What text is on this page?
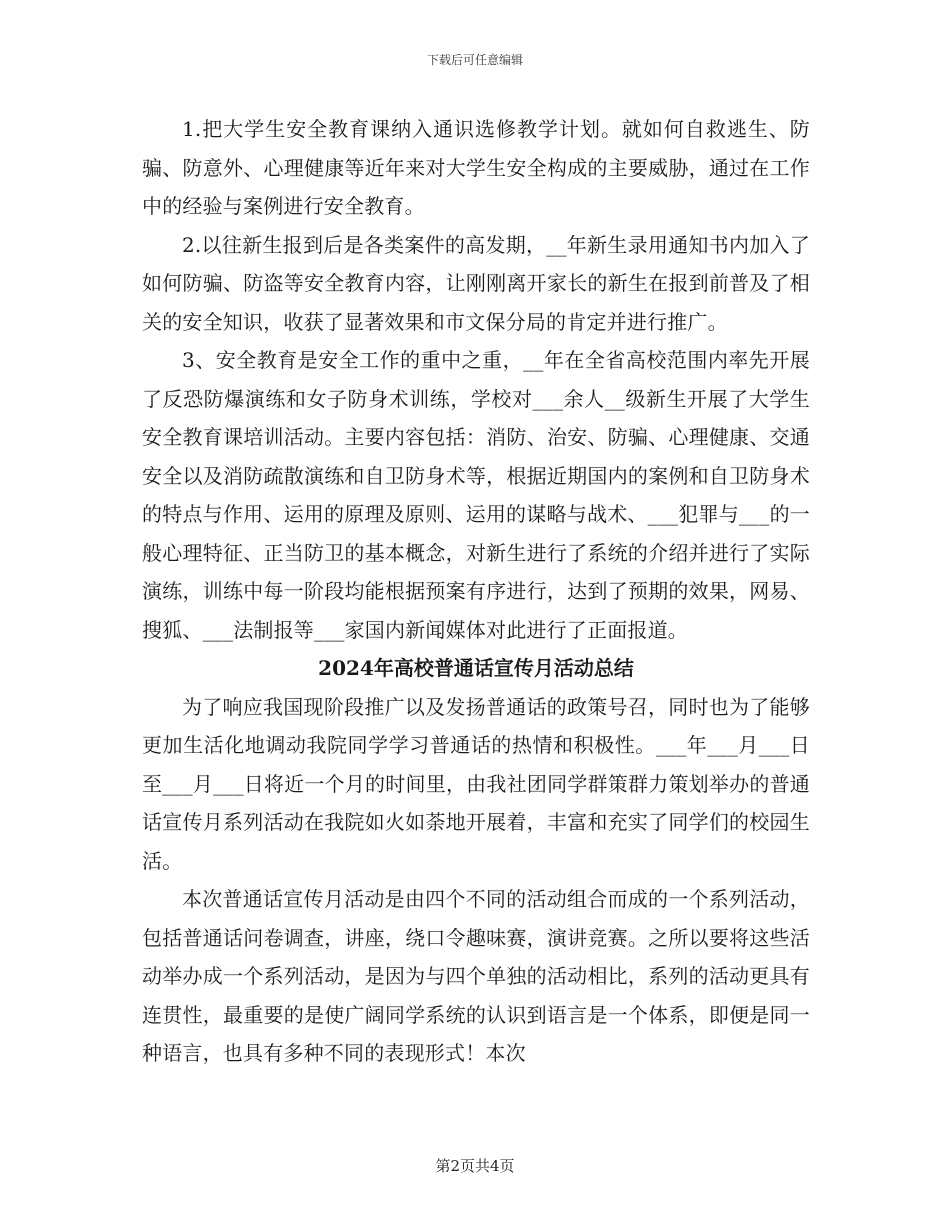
下载后可任意编辑

1.把大学生安全教育课纳入通识选修教学计划。就如何自救逃生、防骗、防意外、心理健康等近年来对大学生安全构成的主要威胁，通过在工作中的经验与案例进行安全教育。

2.以往新生报到后是各类案件的高发期，__年新生录用通知书内加入了如何防骗、防盗等安全教育内容，让刚刚离开家长的新生在报到前普及了相关的安全知识，收获了显著效果和市文保分局的肯定并进行推广。

3、安全教育是安全工作的重中之重，__年在全省高校范围内率先开展了反恐防爆演练和女子防身术训练，学校对___余人__级新生开展了大学生安全教育课培训活动。主要内容包括：消防、治安、防骗、心理健康、交通安全以及消防疏散演练和自卫防身术等，根据近期国内的案例和自卫防身术的特点与作用、运用的原理及原则、运用的谋略与战术、___犯罪与___的一般心理特征、正当防卫的基本概念，对新生进行了系统的介绍并进行了实际演练，训练中每一阶段均能根据预案有序进行，达到了预期的效果，网易、搜狐、___法制报等___家国内新闻媒体对此进行了正面报道。

2024年高校普通话宣传月活动总结

为了响应我国现阶段推广以及发扬普通话的政策号召，同时也为了能够更加生活化地调动我院同学学习普通话的热情和积极性。___年___月___日至___月___日将近一个月的时间里，由我社团同学群策群力策划举办的普通话宣传月系列活动在我院如火如荼地开展着，丰富和充实了同学们的校园生活。

本次普通话宣传月活动是由四个不同的活动组合而成的一个系列活动，包括普通话问卷调查，讲座，绕口令趣味赛，演讲竞赛。之所以要将这些活动举办成一个系列活动，是因为与四个单独的活动相比，系列的活动更具有连贯性，最重要的是使广阔同学系统的认识到语言是一个体系，即便是同一种语言，也具有多种不同的表现形式！本次

第2页共4页
